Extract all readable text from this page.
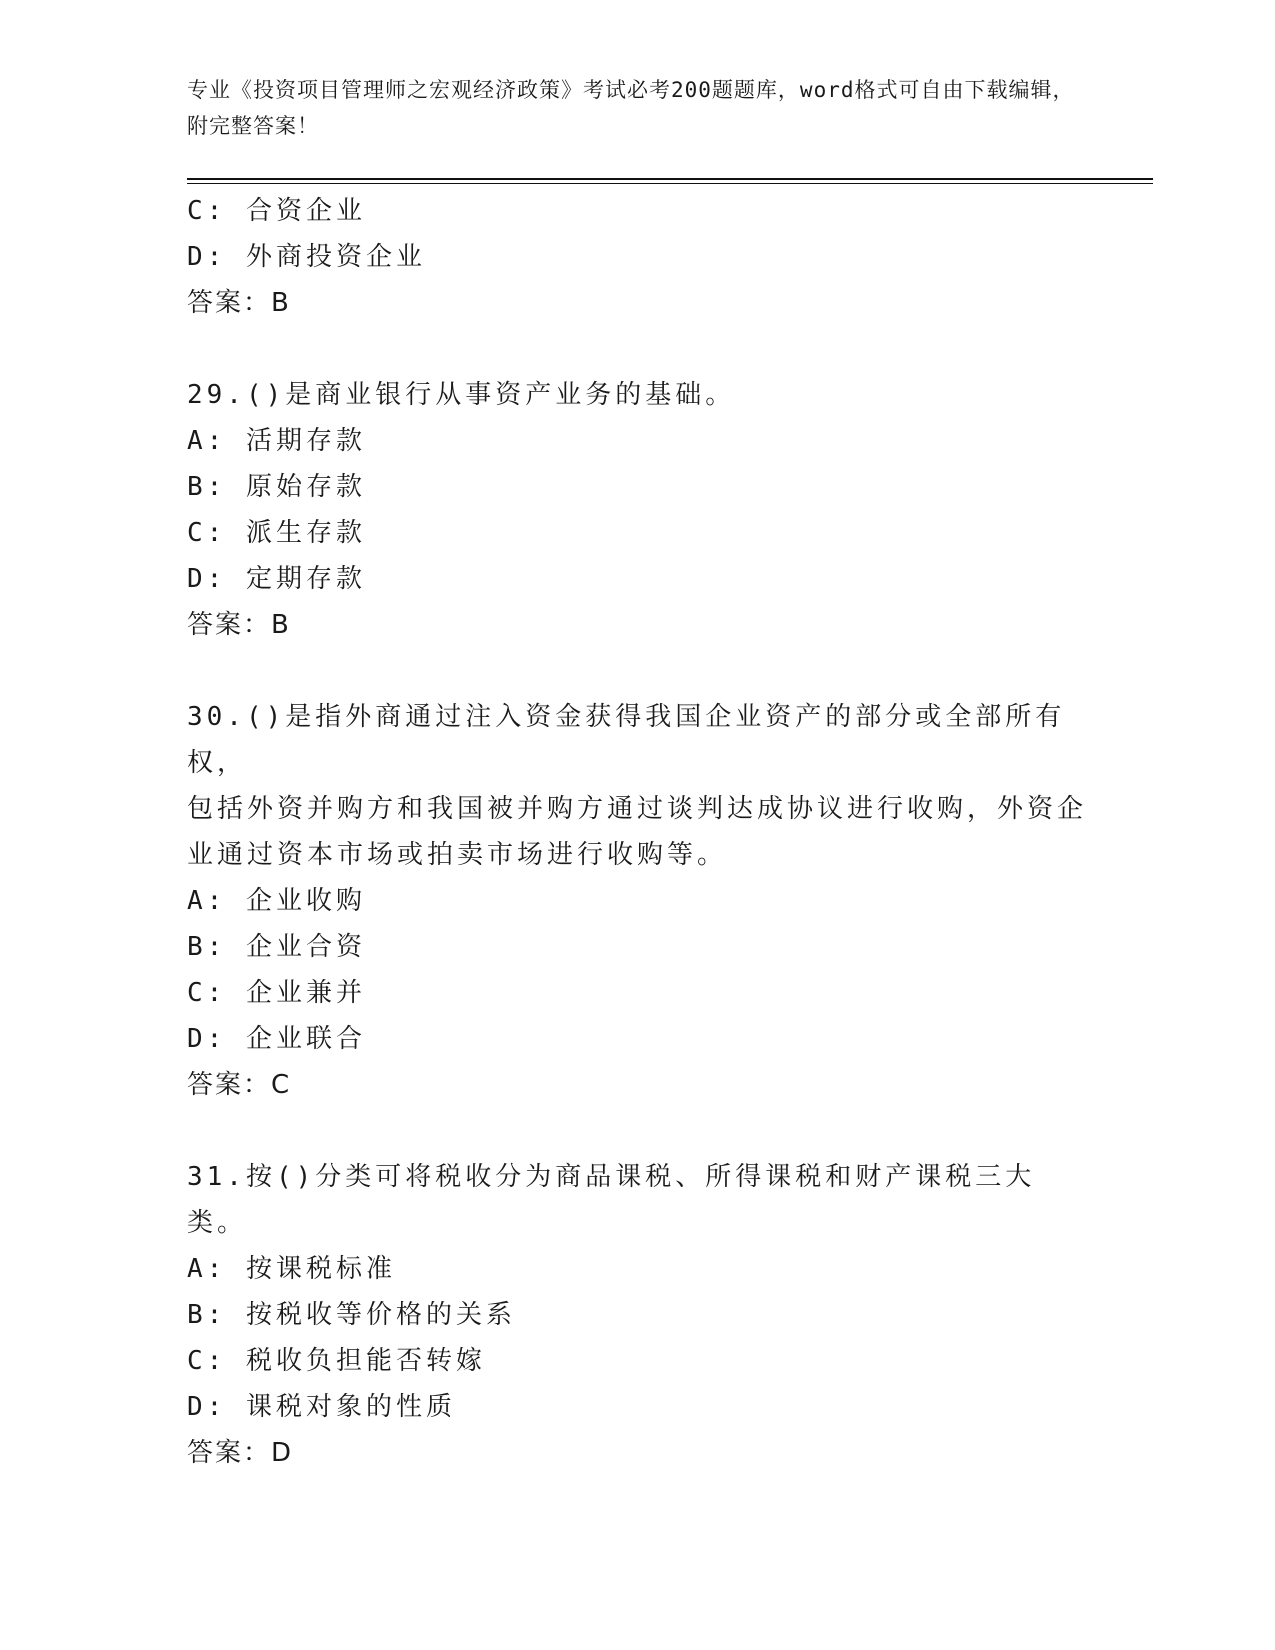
专业《投资项目管理师之宏观经济政策》考试必考200题题库，word格式可自由下载编辑，附完整答案！
C: 合资企业
D: 外商投资企业
答案：B
29.()是商业银行从事资产业务的基础。
A: 活期存款
B: 原始存款
C: 派生存款
D: 定期存款
答案：B
30.()是指外商通过注入资金获得我国企业资产的部分或全部所有权，
包括外资并购方和我国被并购方通过谈判达成协议进行收购，外资企
业通过资本市场或拍卖市场进行收购等。
A: 企业收购
B: 企业合资
C: 企业兼并
D: 企业联合
答案：C
31.按()分类可将税收分为商品课税、所得课税和财产课税三大类。
A: 按课税标准
B: 按税收等价格的关系
C: 税收负担能否转嫁
D: 课税对象的性质
答案：D
